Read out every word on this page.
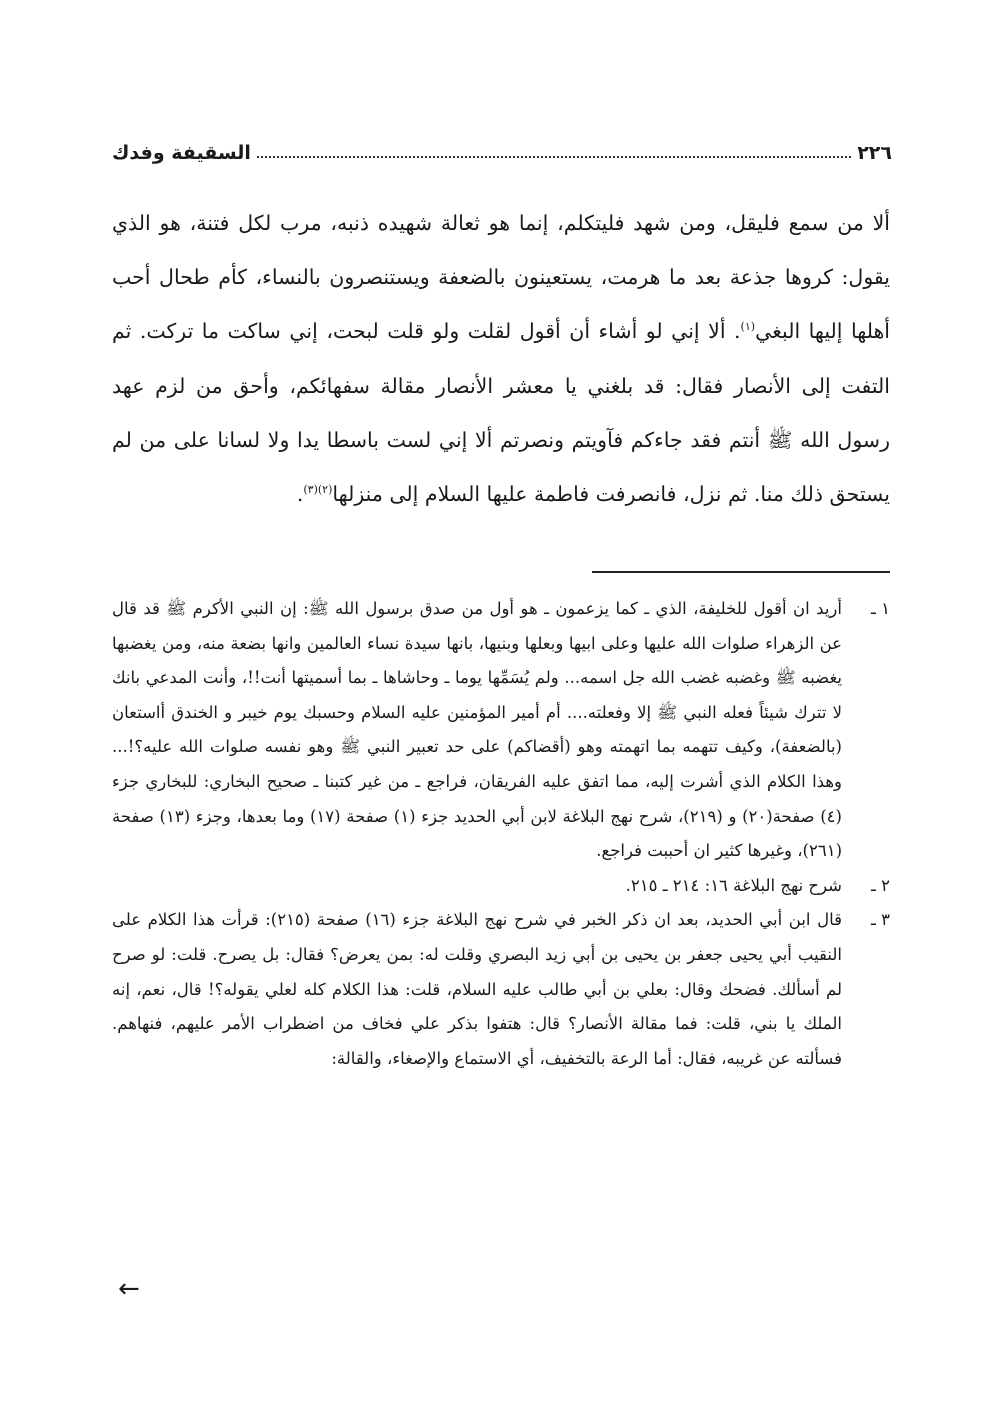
السقيفة وفدك	٢٢٦

ألا من سمع فليقل، ومن شهد فليتكلم، إنما هو ثعالة شهيده ذنبه، مرب لكل فتنة، هو الذي يقول: كروها جذعة بعد ما هرمت، يستعينون بالضعفة ويستنصرون بالنساء، كأم طحال أحب أهلها إليها البغي$^{(١)}$. ألا إني لو أشاء أن أقول لقلت ولو قلت لبحت، إني ساكت ما تركت. ثم التفت إلى الأنصار فقال: قد بلغني يا معشر الأنصار مقالة سفهائكم، وأحق من لزم عهد رسول الله ﷺ أنتم فقد جاءكم فآويتم ونصرتم ألا إني لست باسطا يدا ولا لسانا على من لم يستحق ذلك منا. ثم نزل، فانصرفت فاطمة عليها السلام إلى منزلها$^{(٢)(٣)}$.

١ ـ

أريد ان أقول للخليفة، الذي ـ كما يزعمون ـ هو أول من صدق برسول الله ﷺ: إن النبي الأكرم ﷺ قد قال عن الزهراء صلوات الله عليها وعلى ابيها وبعلها وبنيها، بانها سيدة نساء العالمين وانها بضعة منه، ومن يغضبها يغضبه ﷺ وغضبه غضب الله جل اسمه... ولم يُسَمِّها يوما ـ وحاشاها ـ بما أسميتها أنت!!، وأنت المدعي بانك لا تترك شيئاً فعله النبي ﷺ إلا وفعلته.... أم أمير المؤمنين عليه السلام وحسبك يوم خيبر و الخندق أاستعان (بالضعفة)، وكيف تتهمه بما اتهمته وهو (أقضاكم) على حد تعبير النبي ﷺ وهو نفسه صلوات الله عليه؟!... وهذا الكلام الذي أشرت إليه، مما اتفق عليه الفريقان، فراجع ـ من غير كتبنا ـ صحيح البخاري: للبخاري جزء (٤) صفحة(٢٠) و (٢١٩)، شرح نهج البلاغة لابن أبي الحديد جزء (١) صفحة (١٧) وما بعدها، وجزء (١٣) صفحة (٢٦١)، وغيرها كثير ان أحببت فراجع.

٢ ـ

شرح نهج البلاغة ١٦: ٢١٤ ـ ٢١٥.

٣ ـ

قال ابن أبي الحديد، بعد ان ذكر الخبر في شرح نهج البلاغة جزء (١٦) صفحة (٢١٥): قرأت هذا الكلام على النقيب أبي يحيى جعفر بن يحيى بن أبي زيد البصري وقلت له: بمن يعرض؟ فقال: بل يصرح. قلت: لو صرح لم أسألك. فضحك وقال: بعلي بن أبي طالب عليه السلام، قلت: هذا الكلام كله لعلي يقوله؟! قال، نعم، إنه الملك يا بني، قلت: فما مقالة الأنصار؟ قال: هتفوا بذكر علي فخاف من اضطراب الأمر عليهم، فنهاهم. فسألته عن غريبه، فقال: أما الرعة بالتخفيف، أي الاستماع والإصغاء، والقالة:

←
